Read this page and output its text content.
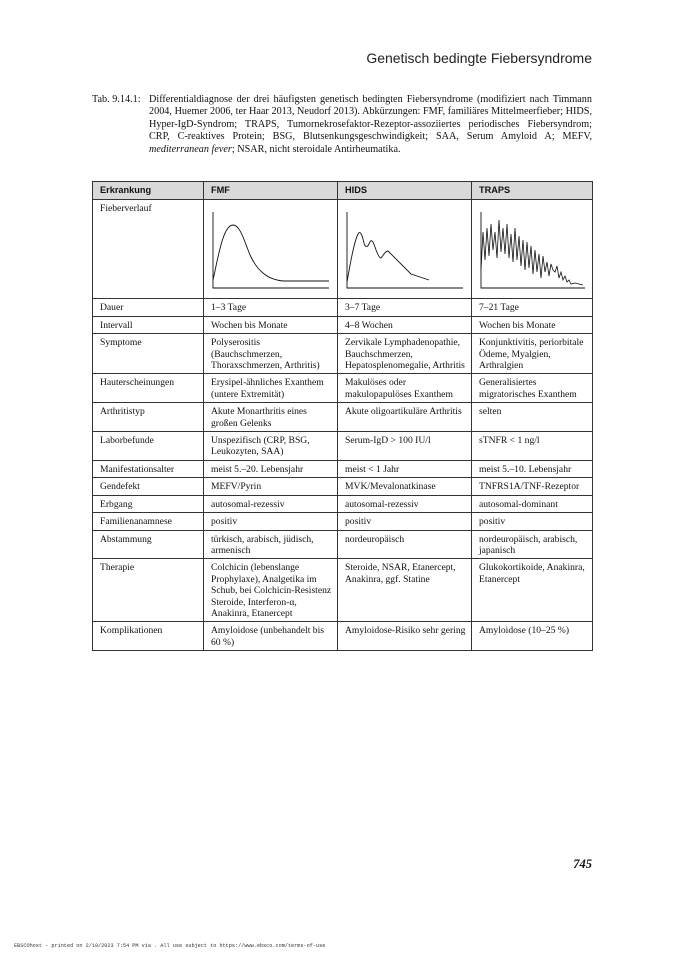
Genetisch bedingte Fiebersyndrome
Tab. 9.14.1: Differentialdiagnose der drei häufigsten genetisch bedingten Fiebersyndrome (modifiziert nach Timmann 2004, Huemer 2006, ter Haar 2013, Neudorf 2013). Abkürzungen: FMF, familiäres Mittelmeerfieber; HIDS, Hyper-IgD-Syndrom; TRAPS, Tumornekrosefaktor-Rezeptor-assoziiertes periodisches Fiebersyndrom; CRP, C-reaktives Protein; BSG, Blutsenkungsgeschwindigkeit; SAA, Serum Amyloid A; MEFV, mediterranean fever; NSAR, nicht steroidale Antirheumatika.
Erkrankung	FMF	HIDS	TRAPS
Fieberverlauf	

Dauer	1–3 Tage	3–7 Tage	7–21 Tage
Intervall	Wochen bis Monate	4–8 Wochen	Wochen bis Monate
Symptome	Polyserositis (Bauchschmerzen, Thoraxschmerzen, Arthritis)	Zervikale Lymphadenopathie, Bauchschmerzen, Hepatosplenomegalie, Arthritis	Konjunktivitis, periorbitale Ödeme, Myalgien, Arthralgien
Hauterscheinungen	Erysipel-ähnliches Exanthem (untere Extremität)	Makulöses oder makulopapulöses Exanthem	Generalisiertes migratorisches Exanthem
Arthritistyp	Akute Monarthritis eines großen Gelenks	Akute oligoartikuläre Arthritis	selten
Laborbefunde	Unspezifisch (CRP, BSG, Leukozyten, SAA)	Serum-IgD > 100 IU/l	sTNFR < 1 ng/l
Manifestationsalter	meist 5.–20. Lebensjahr	meist < 1 Jahr	meist 5.–10. Lebensjahr
Gendefekt	MEFV/Pyrin	MVK/Mevalonatkinase	TNFRS1A/TNF-Rezeptor
Erbgang	autosomal-rezessiv	autosomal-rezessiv	autosomal-dominant
Familienanamnese	positiv	positiv	positiv
Abstammung	türkisch, arabisch, jüdisch, armenisch	nordeuropäisch	nordeuropäisch, arabisch, japanisch
Therapie	Colchicin (lebenslange Prophylaxe), Analgetika im Schub, bei Colchicin-Resistenz Steroide, Interferon-α, Anakinra, Etanercept	Steroide, NSAR, Etanercept, Anakinra, ggf. Statine	Glukokortikoide, Anakinra, Etanercept
Komplikationen	Amyloidose (unbehandelt bis 60 %)	Amyloidose-Risiko sehr gering	Amyloidose (10–25 %)
745
EBSCOhost - printed on 2/10/2023 7:54 PM via . All use subject to https://www.ebsco.com/terms-of-use
